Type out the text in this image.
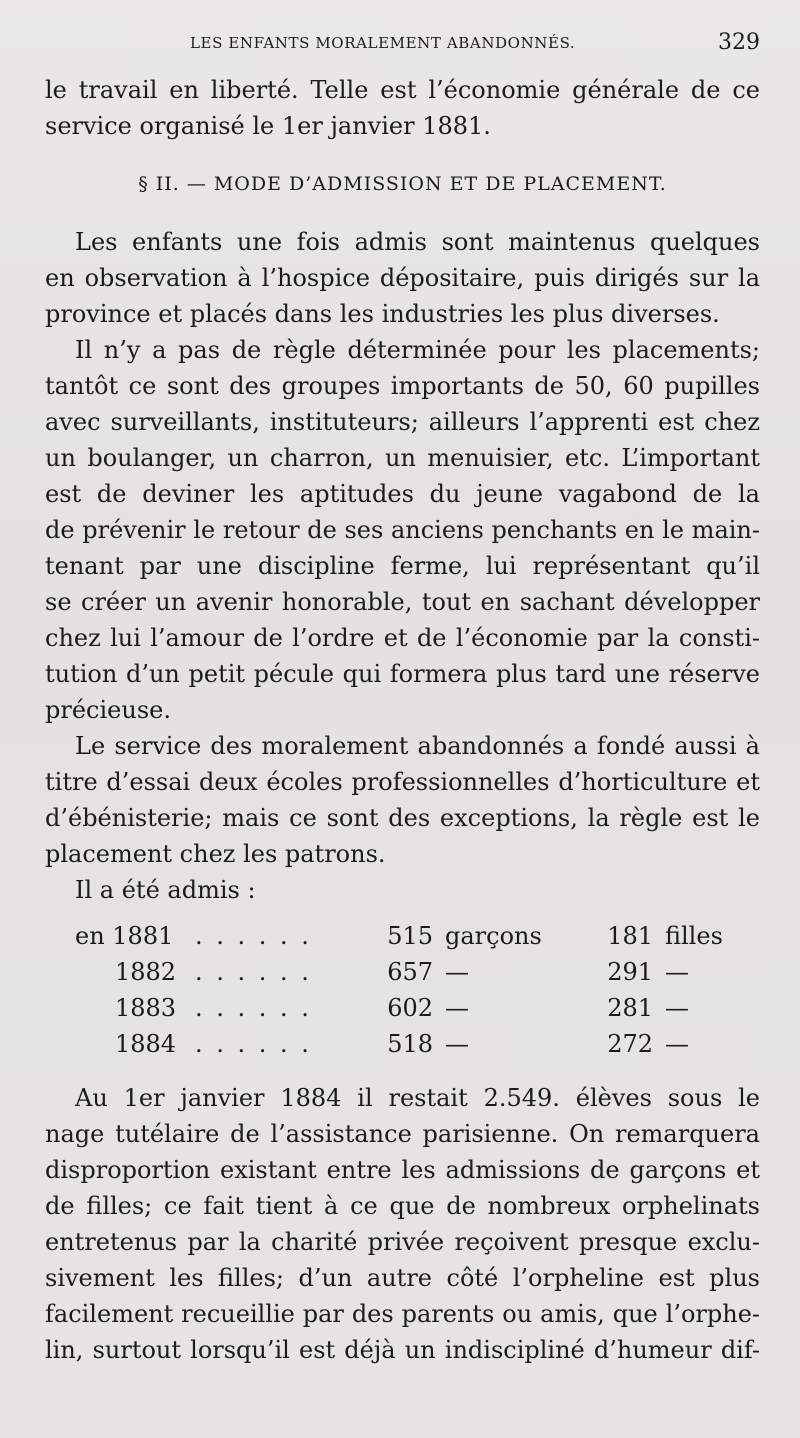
LES ENFANTS MORALEMENT ABANDONNÉS.	329
le travail en liberté. Telle est l’économie générale de ce
service organisé le 1er janvier 1881.
§ II. — MODE D’ADMISSION ET DE PLACEMENT.
Les enfants une fois admis sont maintenus quelques
en observation à l’hospice dépositaire, puis dirigés sur la
province et placés dans les industries les plus diverses.
Il n’y a pas de règle déterminée pour les placements;
tantôt ce sont des groupes importants de 50, 60 pupilles
avec surveillants, instituteurs; ailleurs l’apprenti est chez
un boulanger, un charron, un menuisier, etc. L’important
est de deviner les aptitudes du jeune vagabond de la
de prévenir le retour de ses anciens penchants en le main-
tenant par une discipline ferme, lui représentant qu’il
se créer un avenir honorable, tout en sachant développer
chez lui l’amour de l’ordre et de l’économie par la consti-
tution d’un petit pécule qui formera plus tard une réserve
précieuse.
Le service des moralement abandonnés a fondé aussi à
titre d’essai deux écoles professionnelles d’horticulture et
d’ébénisterie; mais ce sont des exceptions, la règle est le
placement chez les patrons.
Il a été admis :
en 1881 . . . . . .	515 garçons	181 filles
1882 . . . . . .	657 —	291 —
1883 . . . . . .	602 —	281 —
1884 . . . . . .	518 —	272 —
Au 1er janvier 1884 il restait 2.549. élèves sous le
nage tutélaire de l’assistance parisienne. On remarquera
disproportion existant entre les admissions de garçons et
de filles; ce fait tient à ce que de nombreux orphelinats
entretenus par la charité privée reçoivent presque exclu-
sivement les filles; d’un autre côté l’orpheline est plus
facilement recueillie par des parents ou amis, que l’orphe-
lin, surtout lorsqu’il est déjà un indiscipliné d’humeur dif-
